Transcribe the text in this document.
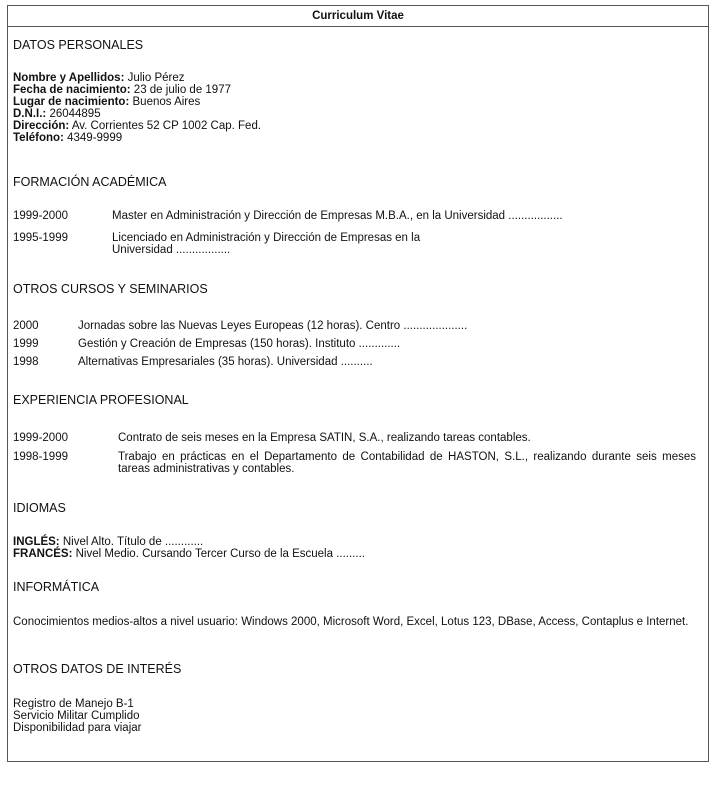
Curriculum Vitae
DATOS PERSONALES
Nombre y Apellidos: Julio Pérez
Fecha de nacimiento: 23 de julio de 1977
Lugar de nacimiento: Buenos Aires
D.N.I.: 26044895
Dirección: Av. Corrientes 52 CP 1002 Cap. Fed.
Teléfono: 4349-9999
FORMACIÓN ACADÉMICA
1999-2000	Master en Administración y Dirección de Empresas M.B.A., en la Universidad .................
1995-1999	Licenciado en Administración y Dirección de Empresas en la Universidad .................
OTROS CURSOS Y SEMINARIOS
2000	Jornadas sobre las Nuevas Leyes Europeas (12 horas). Centro ....................
1999	Gestión y Creación de Empresas (150 horas). Instituto .............
1998	Alternativas Empresariales (35 horas). Universidad ..........
EXPERIENCIA PROFESIONAL
1999-2000	Contrato de seis meses en la Empresa SATIN, S.A., realizando tareas contables.
1998-1999	Trabajo en prácticas en el Departamento de Contabilidad de HASTON, S.L., realizando durante seis meses tareas administrativas y contables.
IDIOMAS
INGLÉS: Nivel Alto. Título de ............
FRANCÉS: Nivel Medio. Cursando Tercer Curso de la Escuela .........
INFORMÁTICA
Conocimientos medios-altos a nivel usuario: Windows 2000, Microsoft Word, Excel, Lotus 123, DBase, Access, Contaplus e Internet.
OTROS DATOS DE INTERÉS
Registro de Manejo B-1
Servicio Militar Cumplido
Disponibilidad para viajar
